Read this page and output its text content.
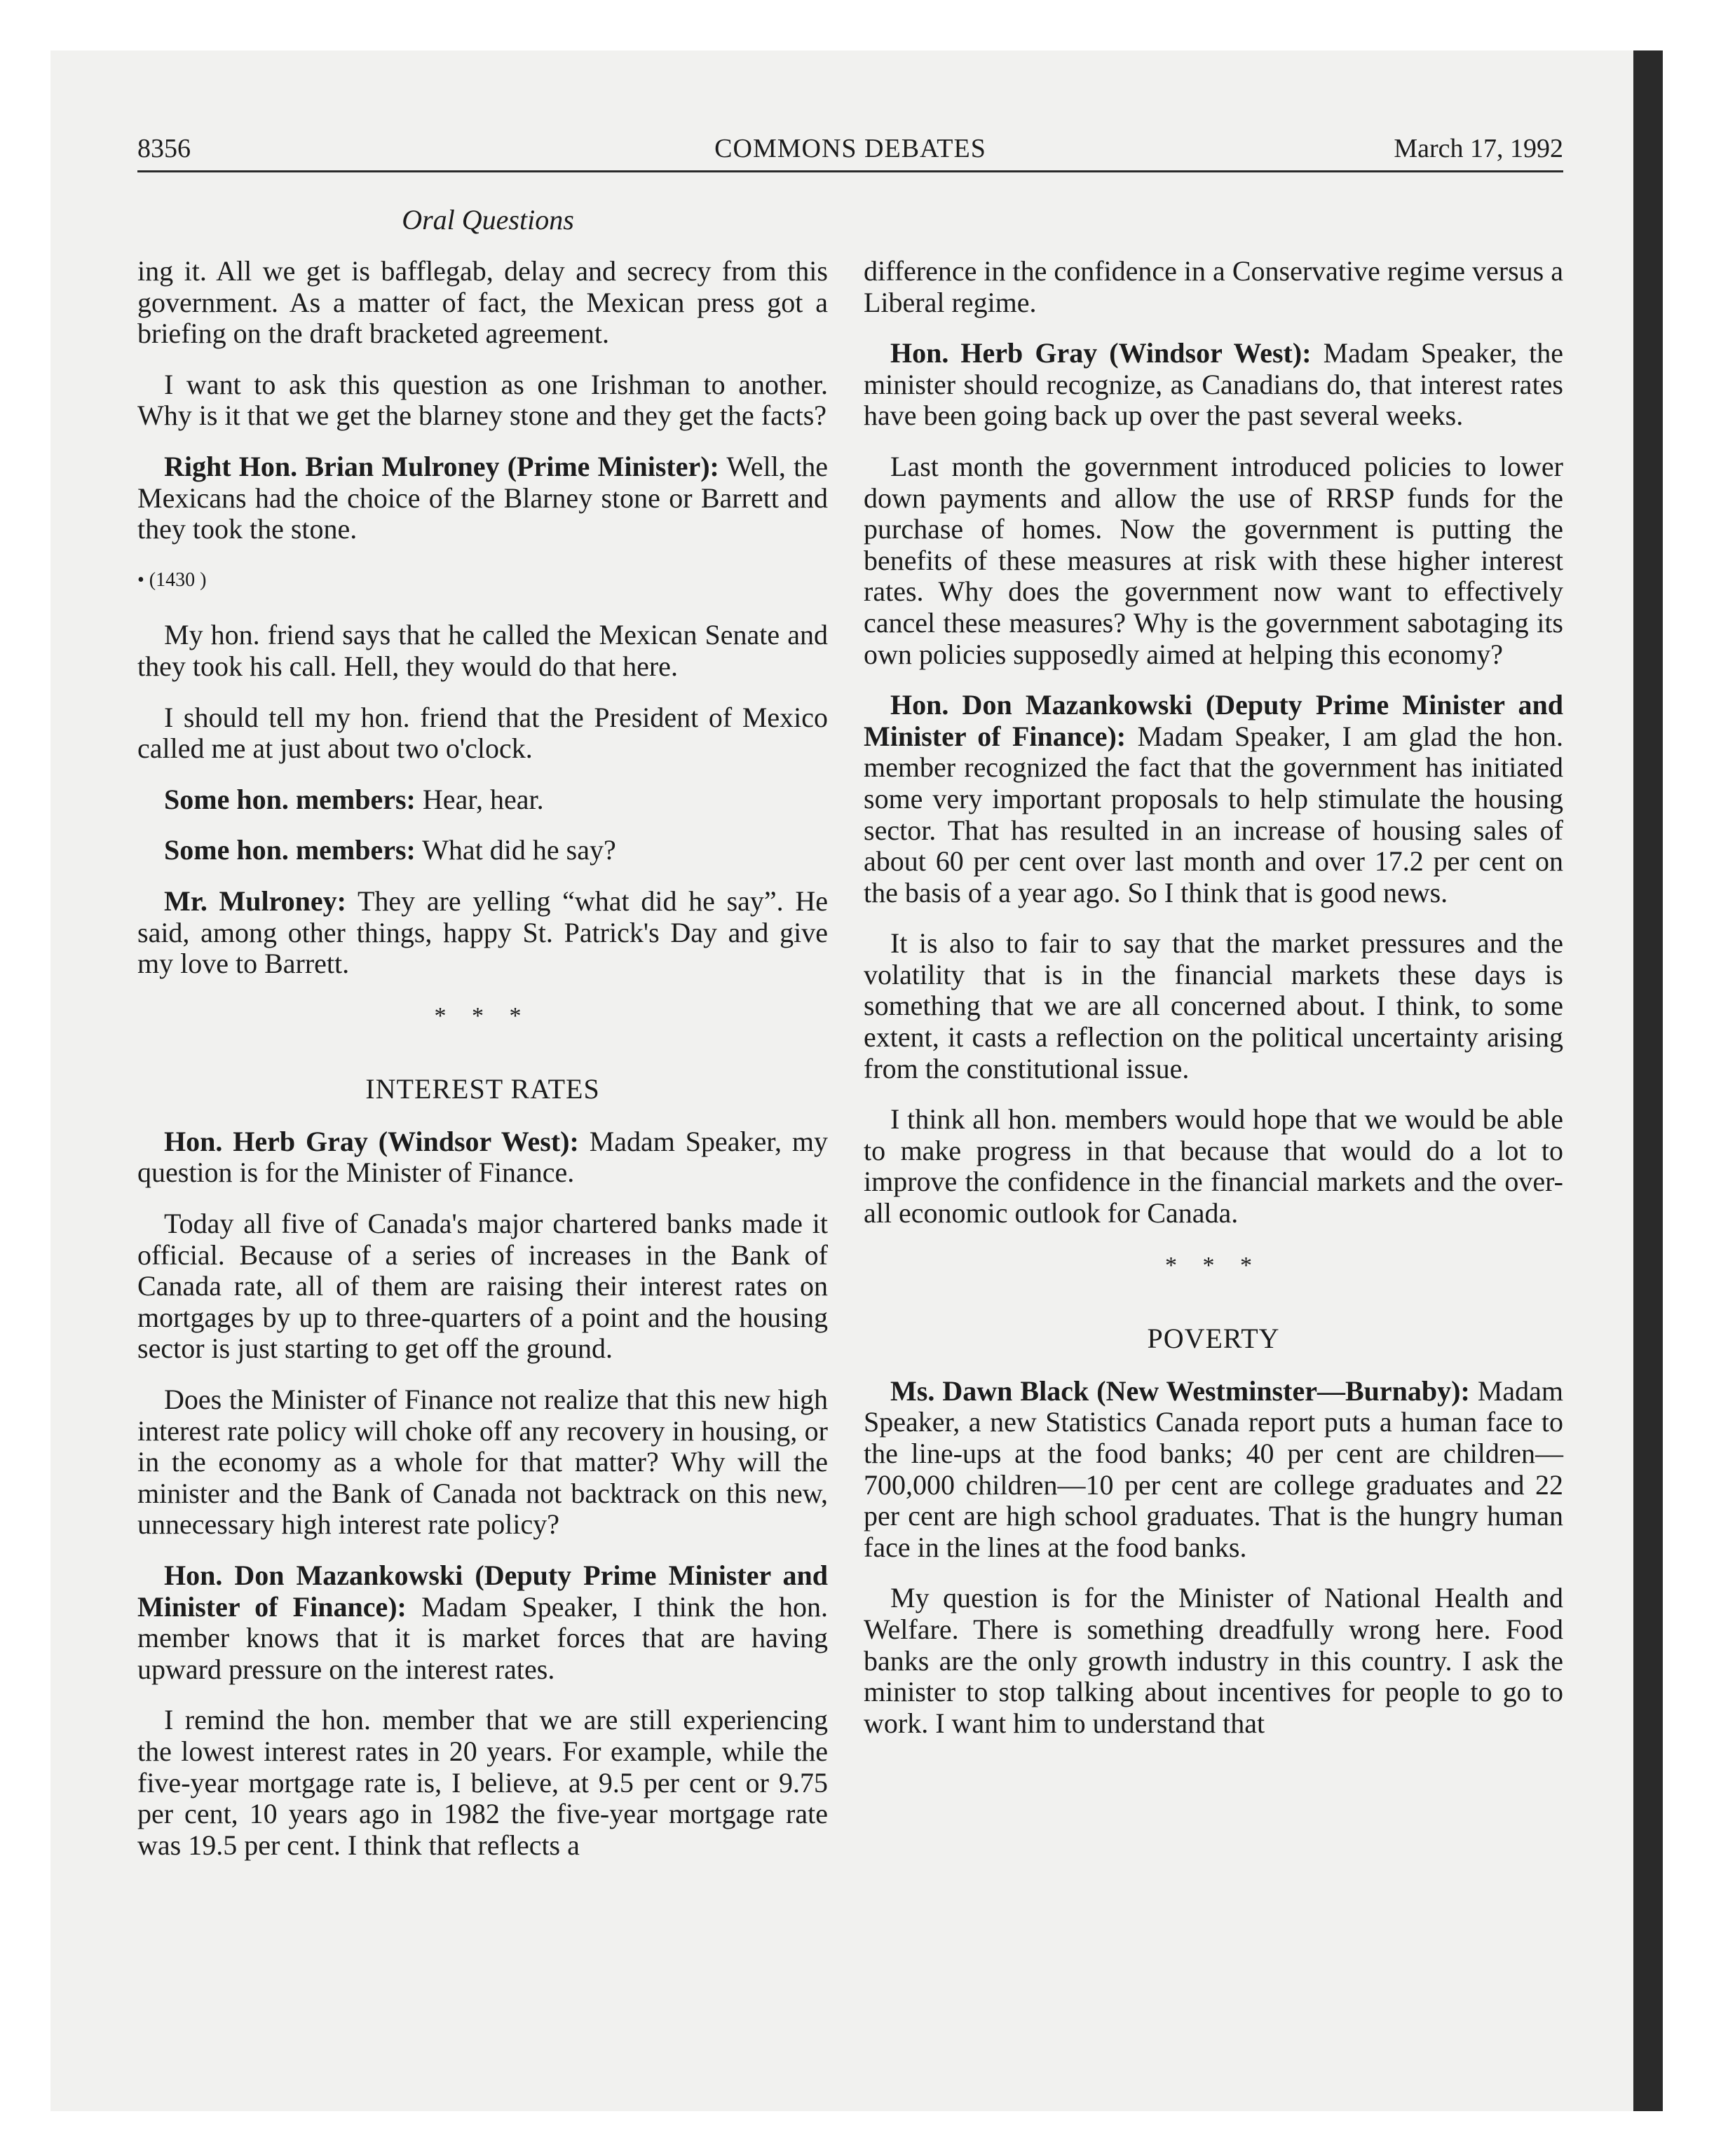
8356	COMMONS DEBATES	March 17, 1992
Oral Questions

ing it. All we get is bafflegab, delay and secrecy from this government. As a matter of fact, the Mexican press got a briefing on the draft bracketed agreement.

I want to ask this question as one Irishman to another. Why is it that we get the blarney stone and they get the facts?

Right Hon. Brian Mulroney (Prime Minister): Well, the Mexicans had the choice of the Blarney stone or Barrett and they took the stone.

• (1430 )

My hon. friend says that he called the Mexican Senate and they took his call. Hell, they would do that here.

I should tell my hon. friend that the President of Mexico called me at just about two o'clock.

Some hon. members: Hear, hear.

Some hon. members: What did he say?

Mr. Mulroney: They are yelling “what did he say”. He said, among other things, happy St. Patrick's Day and give my love to Barrett.

* * *
INTEREST RATES

Hon. Herb Gray (Windsor West): Madam Speaker, my question is for the Minister of Finance.

Today all five of Canada's major chartered banks made it official. Because of a series of increases in the Bank of Canada rate, all of them are raising their interest rates on mortgages by up to three-quarters of a point and the housing sector is just starting to get off the ground.

Does the Minister of Finance not realize that this new high interest rate policy will choke off any recovery in housing, or in the economy as a whole for that matter? Why will the minister and the Bank of Canada not backtrack on this new, unnecessary high interest rate policy?

Hon. Don Mazankowski (Deputy Prime Minister and Minister of Finance): Madam Speaker, I think the hon. member knows that it is market forces that are having upward pressure on the interest rates.

I remind the hon. member that we are still experiencing the lowest interest rates in 20 years. For example, while the five-year mortgage rate is, I believe, at 9.5 per cent or 9.75 per cent, 10 years ago in 1982 the five-year mortgage rate was 19.5 per cent. I think that reflects a

difference in the confidence in a Conservative regime versus a Liberal regime.

Hon. Herb Gray (Windsor West): Madam Speaker, the minister should recognize, as Canadians do, that interest rates have been going back up over the past several weeks.

Last month the government introduced policies to lower down payments and allow the use of RRSP funds for the purchase of homes. Now the government is putting the benefits of these measures at risk with these higher interest rates. Why does the government now want to effectively cancel these measures? Why is the government sabotaging its own policies supposedly aimed at helping this economy?

Hon. Don Mazankowski (Deputy Prime Minister and Minister of Finance): Madam Speaker, I am glad the hon. member recognized the fact that the government has initiated some very important proposals to help stimulate the housing sector. That has resulted in an increase of housing sales of about 60 per cent over last month and over 17.2 per cent on the basis of a year ago. So I think that is good news.

It is also to fair to say that the market pressures and the volatility that is in the financial markets these days is something that we are all concerned about. I think, to some extent, it casts a reflection on the political uncertainty arising from the constitutional issue.

I think all hon. members would hope that we would be able to make progress in that because that would do a lot to improve the confidence in the financial markets and the over-all economic outlook for Canada.

* * *
POVERTY

Ms. Dawn Black (New Westminster—Burnaby): Madam Speaker, a new Statistics Canada report puts a human face to the line-ups at the food banks; 40 per cent are children—700,000 children—10 per cent are college graduates and 22 per cent are high school graduates. That is the hungry human face in the lines at the food banks.

My question is for the Minister of National Health and Welfare. There is something dreadfully wrong here. Food banks are the only growth industry in this country. I ask the minister to stop talking about incentives for people to go to work. I want him to understand that
